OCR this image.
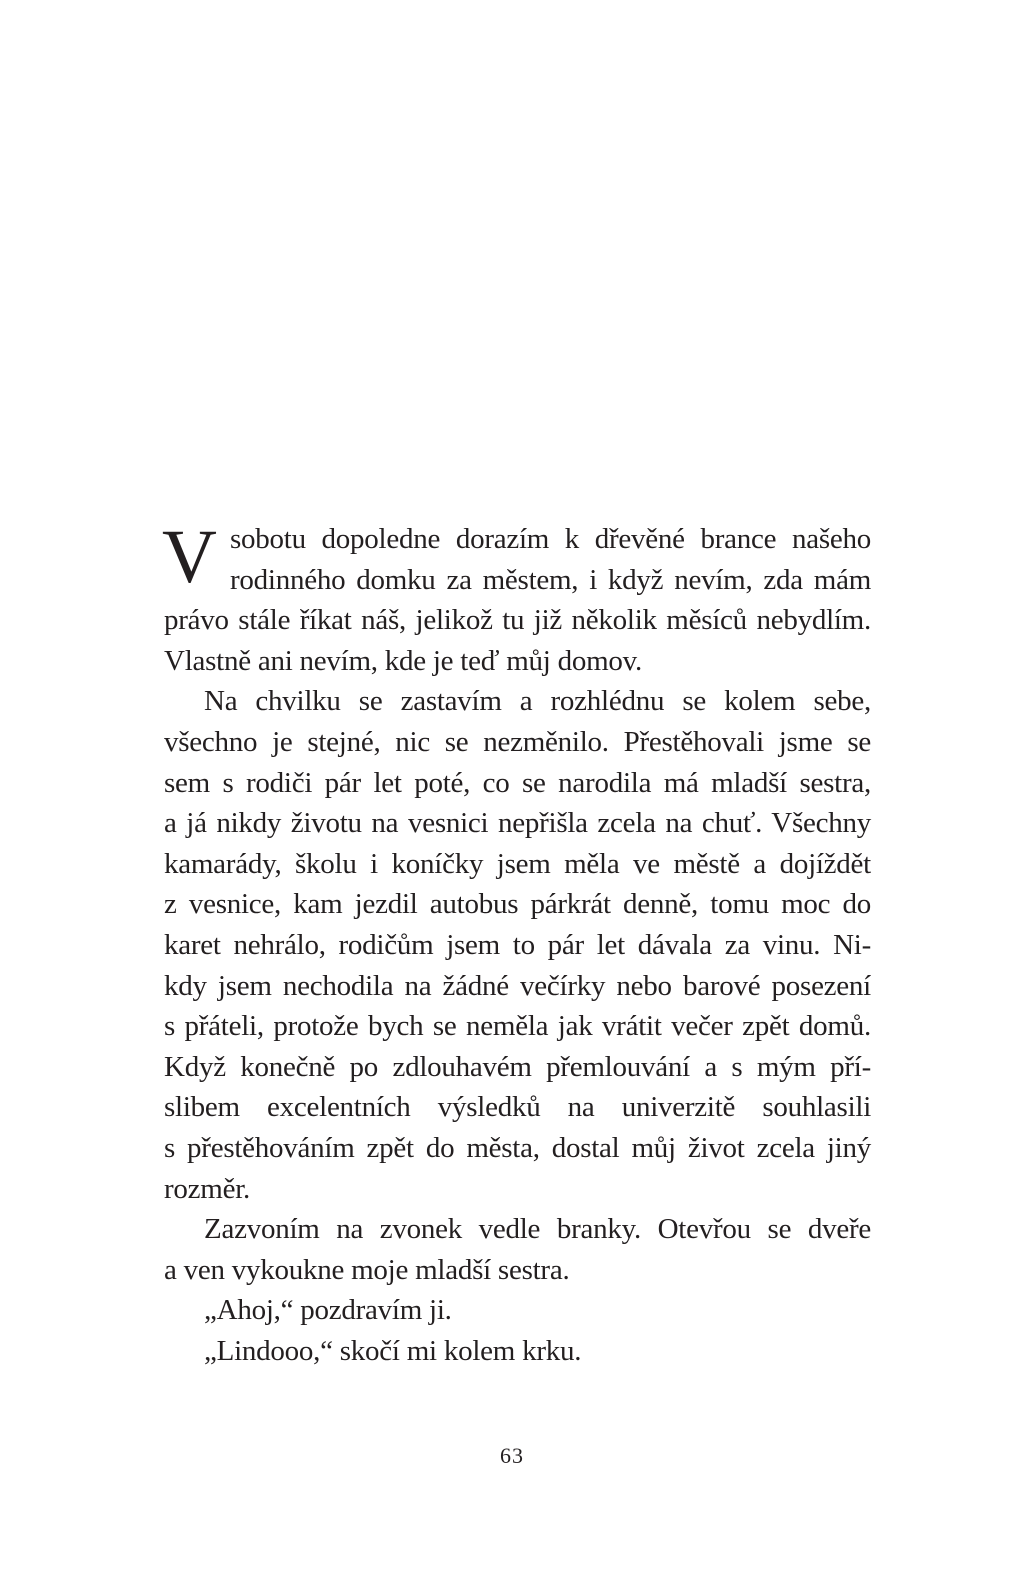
V sobotu dopoledne dorazím k dřevěné brance našeho
rodinného domku za městem, i když nevím, zda mám
právo stále říkat náš, jelikož tu již několik měsíců nebydlím.
Vlastně ani nevím, kde je teď můj domov.

Na chvilku se zastavím a rozhlédnu se kolem sebe,
všechno je stejné, nic se nezměnilo. Přestěhovali jsme se
sem s rodiči pár let poté, co se narodila má mladší sestra,
a já nikdy životu na vesnici nepřišla zcela na chuť. Všechny
kamarády, školu i koníčky jsem měla ve městě a dojíždět
z vesnice, kam jezdil autobus párkrát denně, tomu moc do
karet nehrálo, rodičům jsem to pár let dávala za vinu. Ni-
kdy jsem nechodila na žádné večírky nebo barové posezení
s přáteli, protože bych se neměla jak vrátit večer zpět domů.
Když konečně po zdlouhavém přemlouvání a s mým pří-
slibem excelentních výsledků na univerzitě souhlasili
s přestěhováním zpět do města, dostal můj život zcela jiný
rozměr.

Zazvoním na zvonek vedle branky. Otevřou se dveře
a ven vykoukne moje mladší sestra.

„Ahoj,“ pozdravím ji.

„Lindooo,“ skočí mi kolem krku.

63
